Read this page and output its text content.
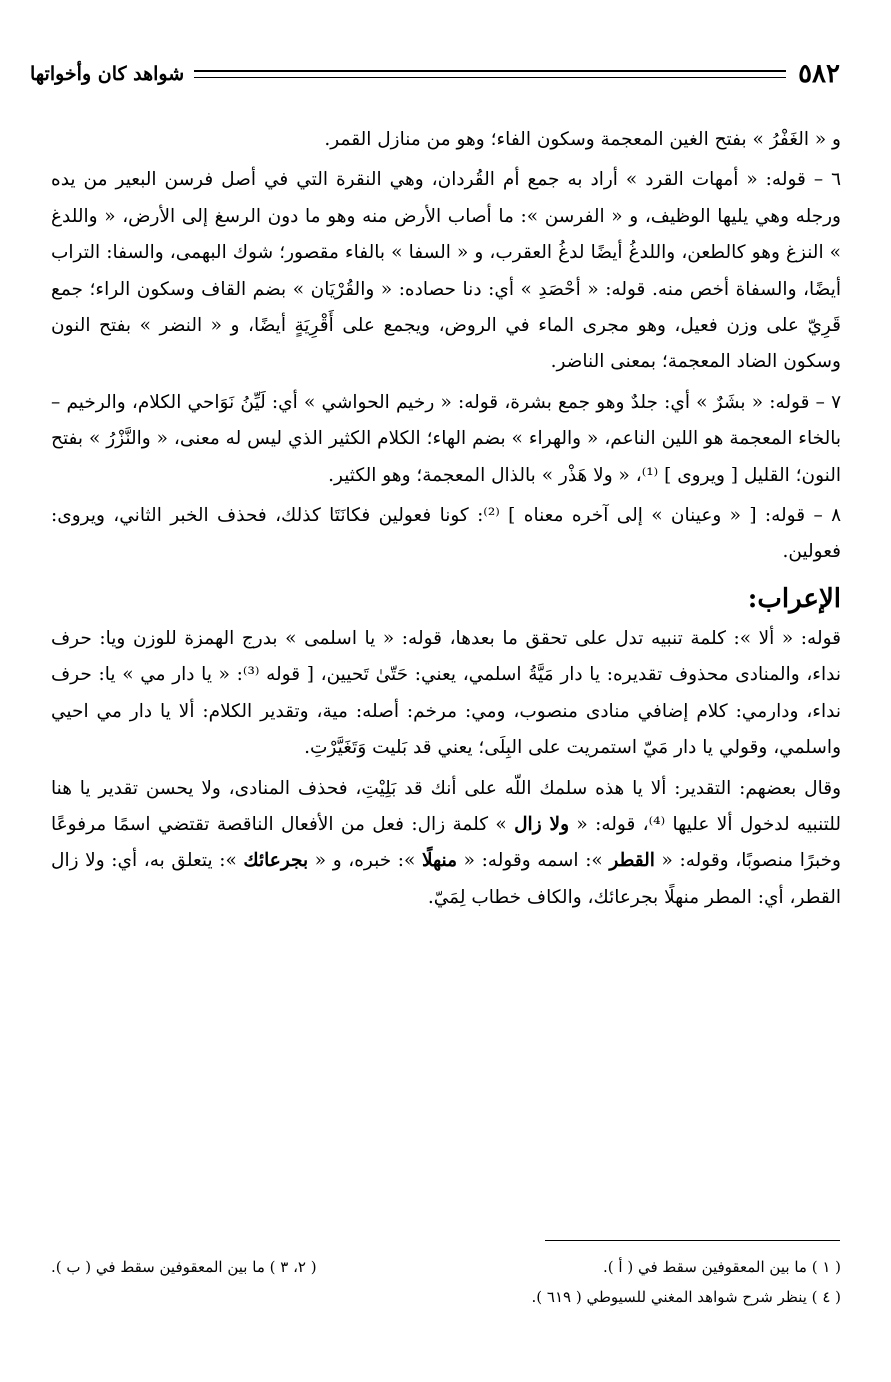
٥٨٢
شواهد كان وأخواتها

و « الغَفْرُ » بفتح الغين المعجمة وسكون الفاء؛ وهو من منازل القمر.

٦ – قوله: « أمهات القرد » أراد به جمع أم القُردان، وهي النقرة التي في أصل فرسن البعير من يده ورجله وهي يليها الوظيف، و « الفرسن »: ما أصاب الأرض منه وهو ما دون الرسغ إلى الأرض، « واللدغ » النزغ وهو كالطعن، واللدغُ أيضًا لدغُ العقرب، و « السفا » بالفاء مقصور؛ شوك البهمى، والسفا: التراب أيضًا، والسفاة أخص منه. قوله: « أحْصَدِ » أي: دنا حصاده: « والقُرْيَان » بضم القاف وسكون الراء؛ جمع قَرِيّ على وزن فعيل، وهو مجرى الماء في الروض، ويجمع على أَقْرِيَةٍ أيضًا، و « النضر » بفتح النون وسكون الضاد المعجمة؛ بمعنى الناضر.

٧ – قوله: « بشَرٌ » أي: جلدٌ وهو جمع بشرة، قوله: « رخيم الحواشي » أي: لَيِّنُ نَوَاحي الكلام، والرخيم – بالخاء المعجمة هو اللين الناعم، « والهراء » بضم الهاء؛ الكلام الكثير الذي ليس له معنى، « والنَّزْرُ » بفتح النون؛ القليل [ ويروى ] ⁽¹⁾، « ولا هَذْر » بالذال المعجمة؛ وهو الكثير.

٨ – قوله: [ « وعينان » إلى آخره معناه ] ⁽²⁾: كونا فعولين فكانَتَا كذلك، فحذف الخبر الثاني، ويروى: فعولين.

الإعراب:

قوله: « ألا »: كلمة تنبيه تدل على تحقق ما بعدها، قوله: « يا اسلمى » بدرج الهمزة للوزن ويا: حرف نداء، والمنادى محذوف تقديره: يا دار مَيَّةُ اسلمي، يعني: حَتّىٰ تَحيين، [ قوله ⁽³⁾: « يا دار مي » يا: حرف نداء، ودارمي: كلام إضافي منادى منصوب، ومي: مرخم: أصله: مية، وتقدير الكلام: ألا يا دار مي احيي واسلمي، وقولي يا دار مَيّ استمريت على البِلَى؛ يعني قد بَليت وَتَغَيَّرْتِ.

وقال بعضهم: التقدير: ألا يا هذه سلمك اللّه على أنك قد بَلِيْتِ، فحذف المنادى، ولا يحسن تقدير يا هنا للتنبيه لدخول ألا عليها ⁽⁴⁾، قوله: « ولا زال » كلمة زال: فعل من الأفعال الناقصة تقتضي اسمًا مرفوعًا وخبرًا منصوبًا، وقوله: « القطر »: اسمه وقوله: « منهلًا »: خبره، و « بجرعائك »: يتعلق به، أي: ولا زال القطر، أي: المطر منهلًا بجرعائك، والكاف خطاب لِمَيّ.

( ١ ) ما بين المعقوفين سقط في ( أ ).
( ٢، ٣ ) ما بين المعقوفين سقط في ( ب ).
( ٤ ) ينظر شرح شواهد المغني للسيوطي ( ٦١٩ ).
